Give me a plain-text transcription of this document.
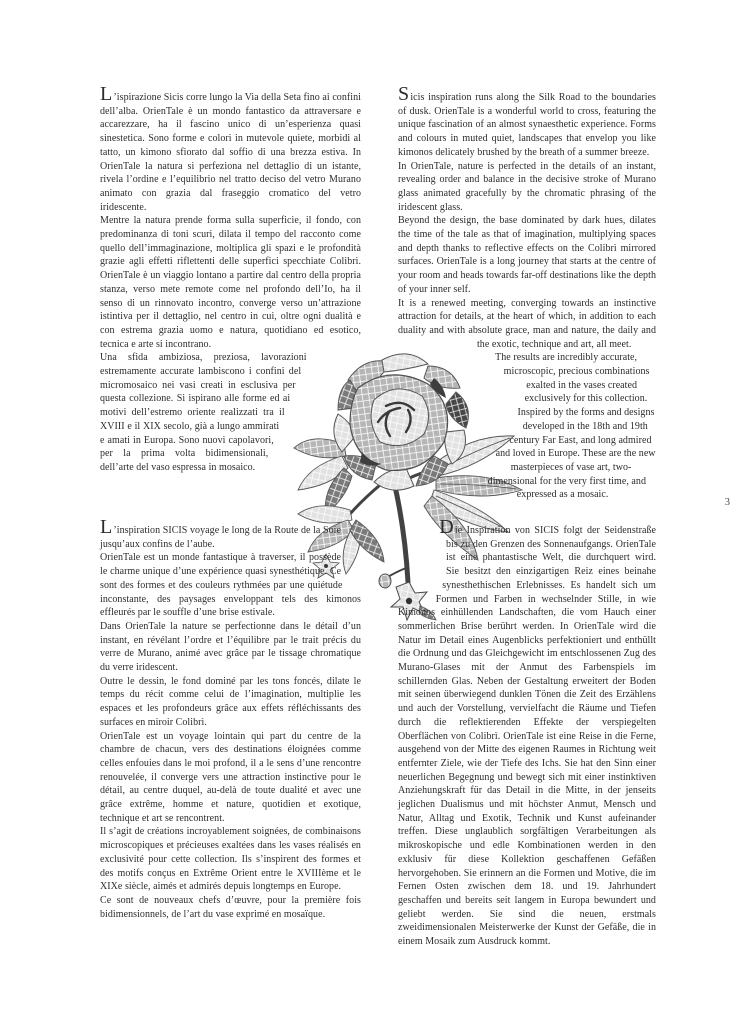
L’ispirazione Sicis corre lungo la Via della Seta fino ai confini dell’alba. OrienTale è un mondo fantastico da attraversare e accarezzare, ha il fascino unico di un’esperienza quasi sinestetica. Sono forme e colori in mutevole quiete, morbidi al tatto, un kimono sfiorato dal soffio di una brezza estiva. In OrienTale la natura si perfeziona nel dettaglio di un istante, rivela l’ordine e l’equilibrio nel tratto deciso del vetro Murano animato con grazia dal fraseggio cromatico del vetro iridescente.

Mentre la natura prende forma sulla superficie, il fondo, con predominanza di toni scuri, dilata il tempo del racconto come quello dell’immaginazione, moltiplica gli spazi e le profondità grazie agli effetti riflettenti delle superfici specchiate Colibrì. OrienTale è un viaggio lontano a partire dal centro della propria stanza, verso mete remote come nel profondo dell’Io, ha il senso di un rinnovato incontro, converge verso un’attrazione istintiva per il dettaglio, nel centro in cui, oltre ogni dualità e con estrema grazia uomo e natura, quotidiano ed esotico, tecnica e arte si incontrano.

Una sfida ambiziosa, preziosa, lavorazioni estremamente accurate lambiscono i confini del micromosaico nei vasi creati in esclusiva per questa collezione. Si ispirano alle forme ed ai motivi dell’estremo oriente realizzati tra il XVIII e il XIX secolo, già a lungo ammirati e amati in Europa. Sono nuovi capolavori, per la prima volta bidimensionali, dell’arte del vaso espressa in mosaico.

Sicis inspiration runs along the Silk Road to the boundaries of dusk. OrienTale is a wonderful world to cross, featuring the unique fascination of an almost synaesthetic experience. Forms and colours in muted quiet, landscapes that envelop you like kimonos delicately brushed by the breath of a summer breeze.

In OrienTale, nature is perfected in the details of an instant, revealing order and balance in the decisive stroke of Murano glass animated gracefully by the chromatic phrasing of the iridescent glass.

Beyond the design, the base dominated by dark hues, dilates the time of the tale as that of imagination, multiplying spaces and depth thanks to reflective effects on the Colibrì mirrored surfaces. OrienTale is a long journey that starts at the centre of your room and heads towards far-off destinations like the depth of your inner self.

It is a renewed meeting, converging towards an instinctive attraction for details, at the heart of which, in addition to each duality and with absolute grace, man and nature, the daily and the exotic, technique and art, all meet.

The results are incredibly accurate, microscopic, precious combinations exalted in the vases created exclusively for this collection.

Inspired by the forms and designs developed in the 18th and 19th century Far East, and long admired and loved in Europe. These are the new masterpieces of vase art, two-dimensional for the very first time, and expressed as a mosaic.

L’inspiration SICIS voyage le long de la Route de la Soie jusqu’aux confins de l’aube.

OrienTale est un monde fantastique à traverser, il possède le charme unique d’une expérience quasi synesthétique. Ce sont des formes et des couleurs rythmées par une quiétude inconstante, des paysages enveloppant tels des kimonos effleurés par le souffle d’une brise estivale.

Dans OrienTale la nature se perfectionne dans le détail d’un instant, en révélant l’ordre et l’équilibre par le trait précis du verre de Murano, animé avec grâce par le tissage chromatique du verre iridescent.

Outre le dessin, le fond dominé par les tons foncés, dilate le temps du récit comme celui de l’imagination, multiplie les espaces et les profondeurs grâce aux effets réfléchissants des surfaces en miroir Colibrì.

OrienTale est un voyage lointain qui part du centre de la chambre de chacun, vers des destinations éloignées comme celles enfouies dans le moi profond, il a le sens d’une rencontre renouvelée, il converge vers une attraction instinctive pour le détail, au centre duquel, au-delà de toute dualité et avec une grâce extrême, homme et nature, quotidien et exotique, technique et art se rencontrent.

Il s’agit de créations incroyablement soignées, de combinaisons microscopiques et précieuses exaltées dans les vases réalisés en exclusivité pour cette collection. Ils s’inspirent des formes et des motifs conçus en Extrême Orient entre le XVIIIème et le XIXe siècle, aimés et admirés depuis longtemps en Europe.

Ce sont de nouveaux chefs d’œuvre, pour la première fois bidimensionnels, de l’art du vase exprimé en mosaïque.

Die Inspiration von SICIS folgt der Seidenstraße bis zu den Grenzen des Sonnenaufgangs. OrienTale ist eine phantastische Welt, die durchquert wird. Sie besitzt den einzigartigen Reiz eines beinahe synesthethischen Erlebnisses. Es handelt sich um Formen und Farben in wechselnder Stille, in wie Kimonos einhüllenden Landschaften, die vom Hauch einer sommerlichen Brise berührt werden. In OrienTale wird die Natur im Detail eines Augenblicks perfektioniert und enthüllt die Ordnung und das Gleichgewicht im entschlossenen Zug des Murano-Glases mit der Anmut des Farbenspiels im schillernden Glas. Neben der Gestaltung erweitert der Boden mit seinen überwiegend dunklen Tönen die Zeit des Erzählens und auch der Vorstellung, vervielfacht die Räume und Tiefen durch die reflektierenden Effekte der verspiegelten Oberflächen von Colibrì. OrienTale ist eine Reise in die Ferne, ausgehend von der Mitte des eigenen Raumes in Richtung weit entfernter Ziele, wie der Tiefe des Ichs. Sie hat den Sinn einer neuerlichen Begegnung und bewegt sich mit einer instinktiven Anziehungskraft für das Detail in die Mitte, in der jenseits jeglichen Dualismus und mit höchster Anmut, Mensch und Natur, Alltag und Exotik, Technik und Kunst aufeinander treffen. Diese unglaublich sorgfältigen Verarbeitungen als mikroskopische und edle Kombinationen werden in den exklusiv für diese Kollektion geschaffenen Gefäßen hervorgehoben. Sie erinnern an die Formen und Motive, die im Fernen Osten zwischen dem 18. und 19. Jahrhundert geschaffen und bereits seit langem in Europa bewundert und geliebt werden. Sie sind die neuen, erstmals zweidimensionalen Meisterwerke der Kunst der Gefäße, die in einem Mosaik zum Ausdruck kommt.

3
